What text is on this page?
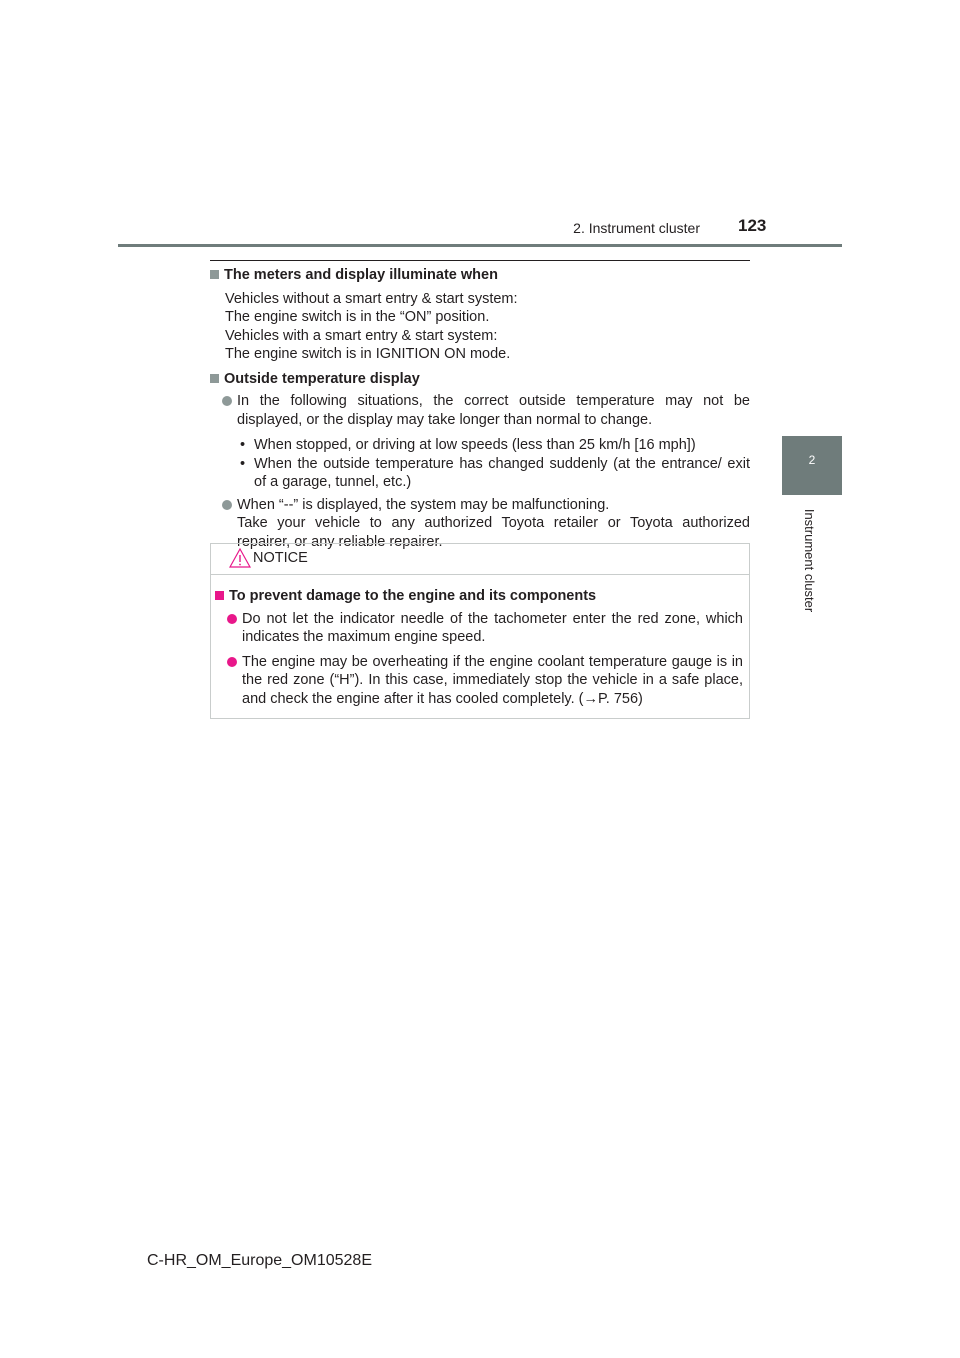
2. Instrument cluster 123
2
Instrument cluster
The meters and display illuminate when
Vehicles without a smart entry & start system:
The engine switch is in the “ON” position.
Vehicles with a smart entry & start system:
The engine switch is in IGNITION ON mode.
Outside temperature display
In the following situations, the correct outside temperature may not be displayed, or the display may take longer than normal to change.
• When stopped, or driving at low speeds (less than 25 km/h [16 mph])
• When the outside temperature has changed suddenly (at the entrance/ exit of a garage, tunnel, etc.)
When “--” is displayed, the system may be malfunctioning.
Take your vehicle to any authorized Toyota retailer or Toyota authorized repairer, or any reliable repairer.
NOTICE
To prevent damage to the engine and its components
Do not let the indicator needle of the tachometer enter the red zone, which indicates the maximum engine speed.
The engine may be overheating if the engine coolant temperature gauge is in the red zone (“H”). In this case, immediately stop the vehicle in a safe place, and check the engine after it has cooled completely. (→P. 756)
C-HR_OM_Europe_OM10528E
